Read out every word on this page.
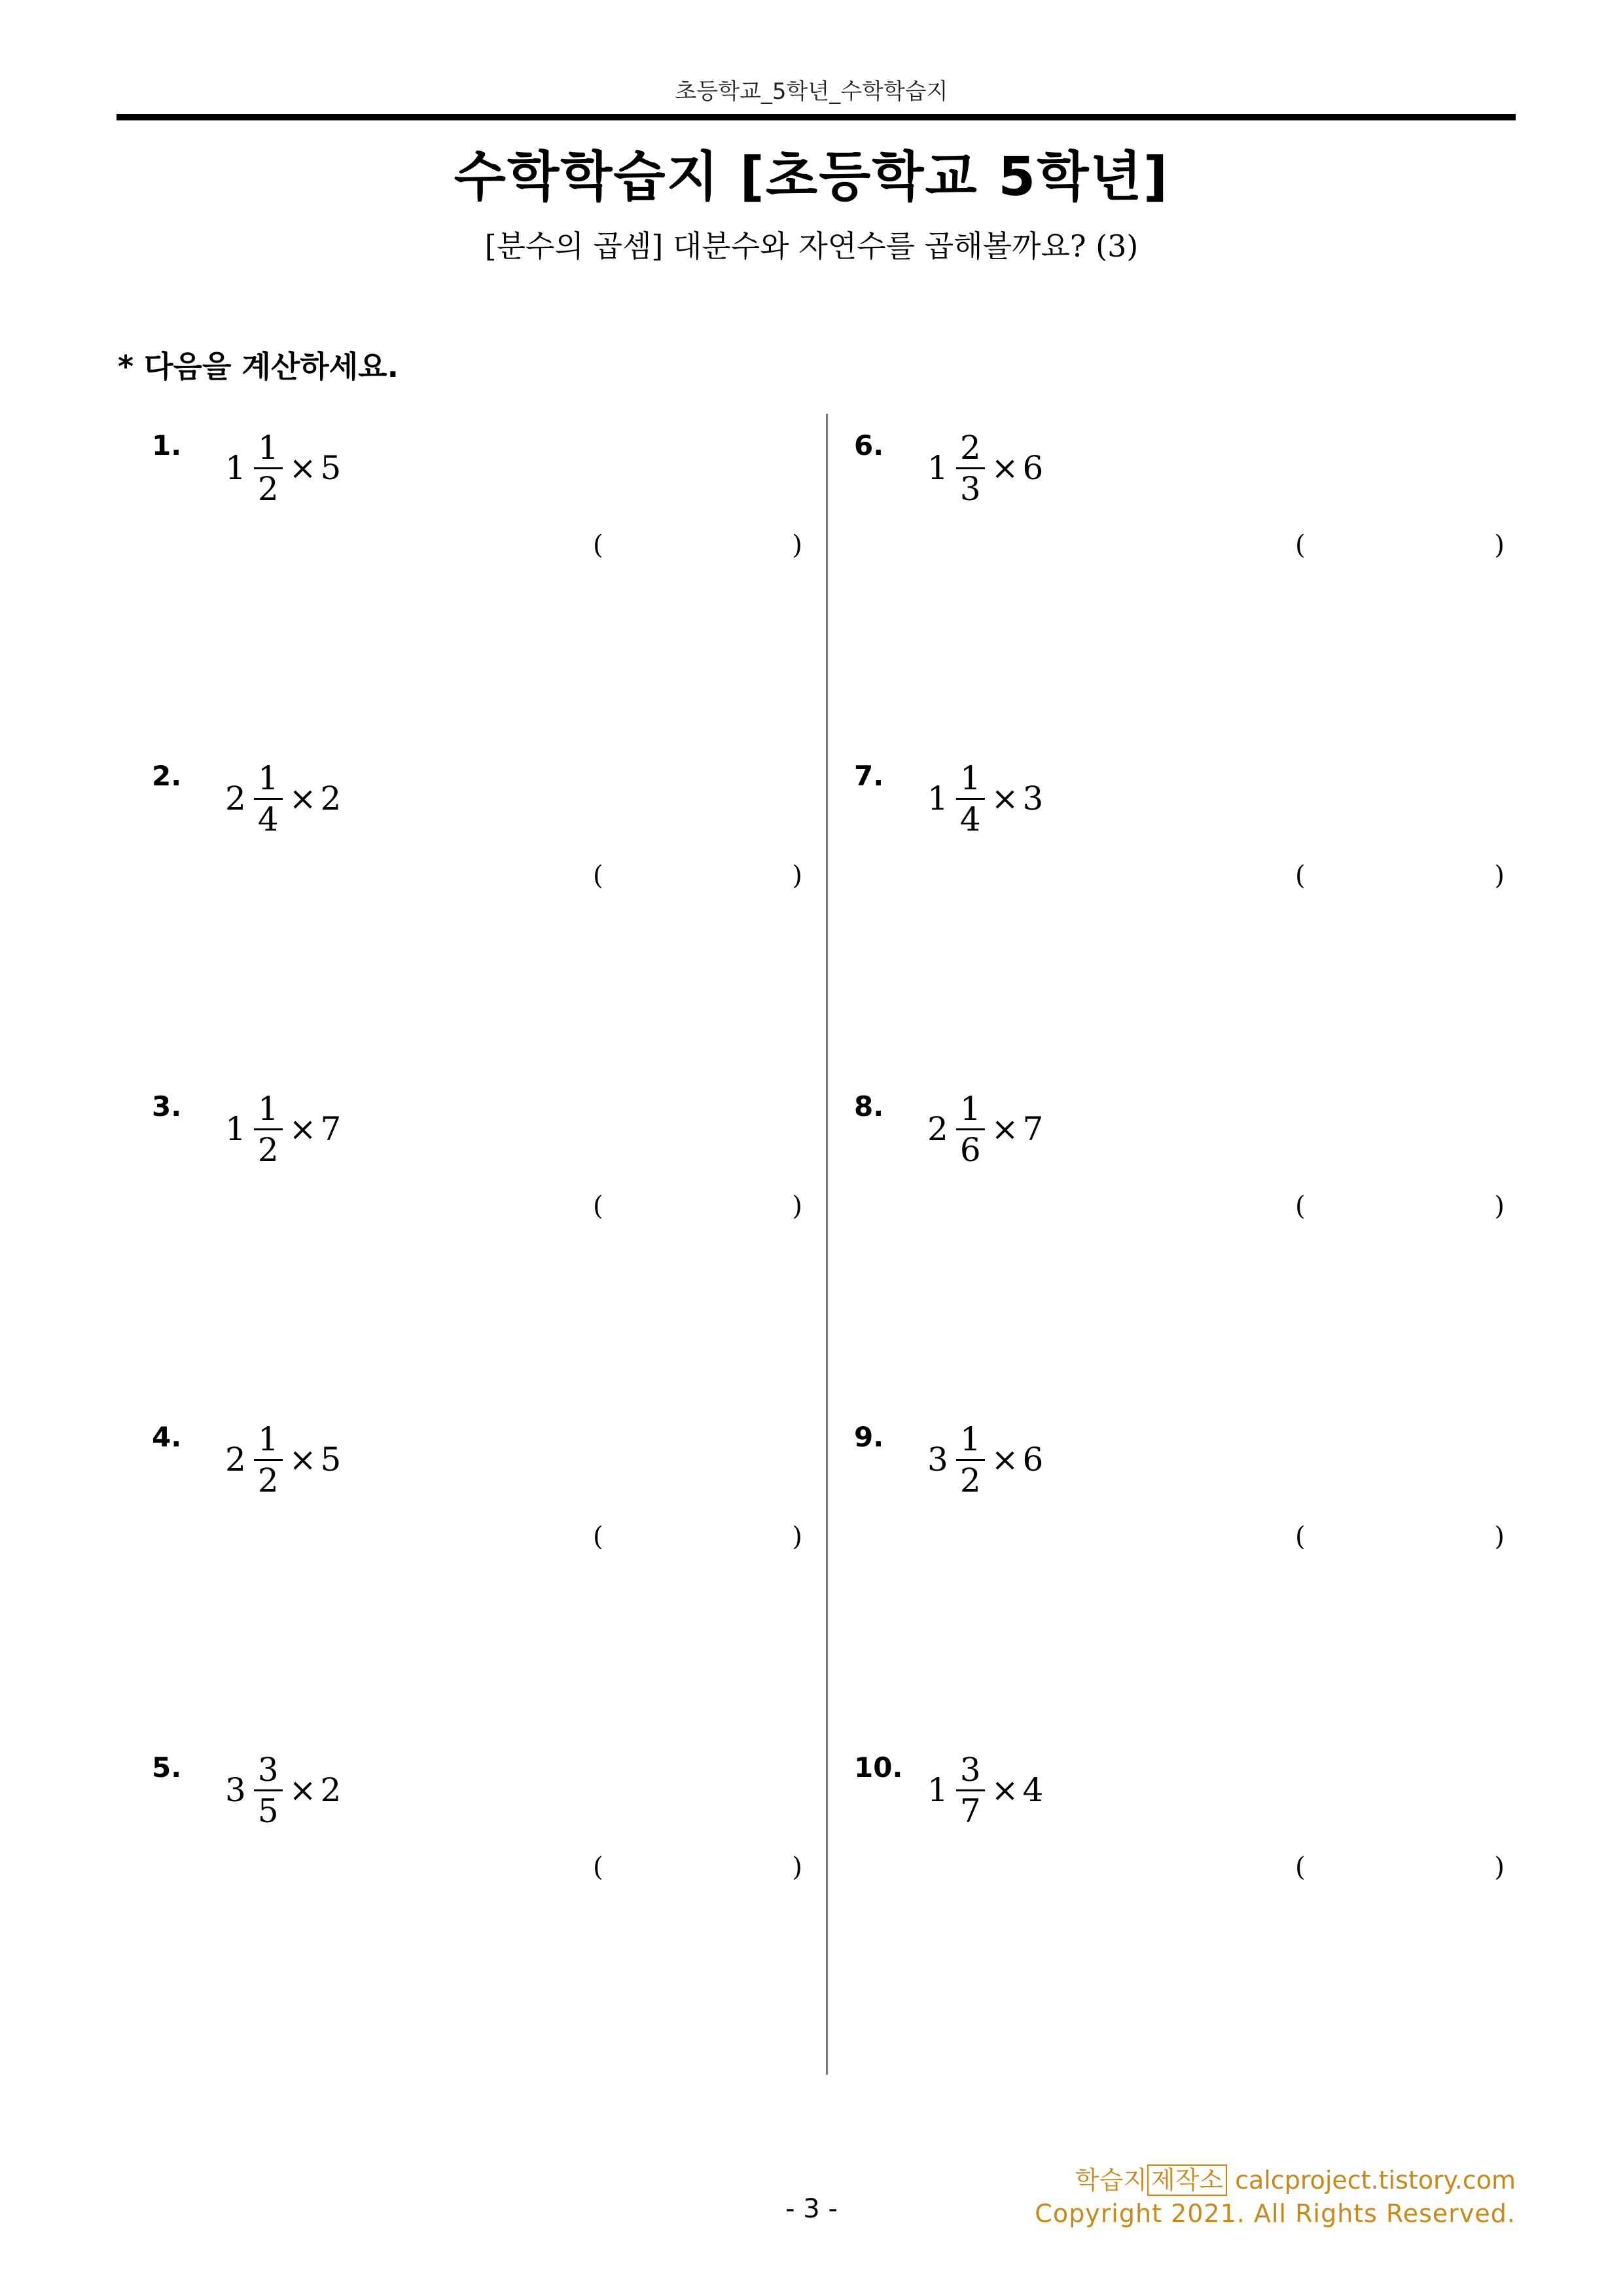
초등학교_5학년_수학학습지
수학학습지 [초등학교 5학년]
[분수의 곱셈] 대분수와 자연수를 곱해볼까요? (3)
* 다음을 계산하세요.
1.
$1 \frac{1}{2} \times 5$
(	)
2.
$2 \frac{1}{4} \times 2$
(	)
3.
$1 \frac{1}{2} \times 7$
(	)
4.
$2 \frac{1}{2} \times 5$
(	)
5.
$3 \frac{3}{5} \times 2$
(	)
6.
$1 \frac{2}{3} \times 6$
(	)
7.
$1 \frac{1}{4} \times 3$
(	)
8.
$2 \frac{1}{6} \times 7$
(	)
9.
$3 \frac{1}{2} \times 6$
(	)
10.
$1 \frac{3}{7} \times 4$
(	)
학습지 제작소 calcproject.tistory.com
Copyright 2021. All Rights Reserved.
- 3 -
